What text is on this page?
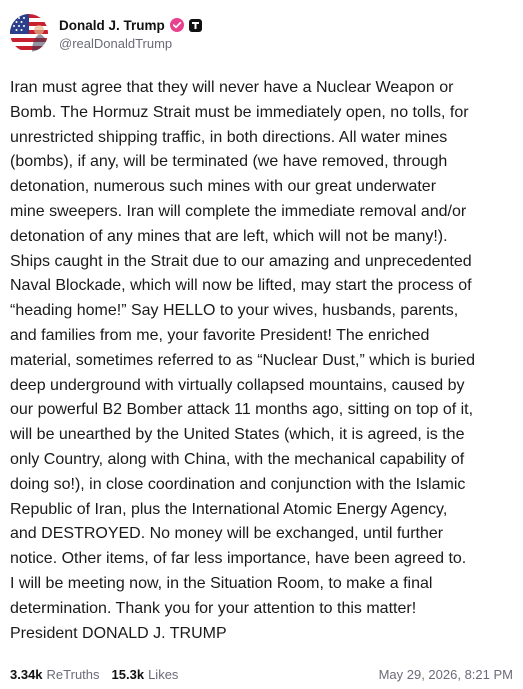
Donald J. Trump
@realDonaldTrump

Iran must agree that they will never have a Nuclear Weapon or
Bomb. The Hormuz Strait must be immediately open, no tolls, for
unrestricted shipping traffic, in both directions. All water mines
(bombs), if any, will be terminated (we have removed, through
detonation, numerous such mines with our great underwater
mine sweepers. Iran will complete the immediate removal and/or
detonation of any mines that are left, which will not be many!).
Ships caught in the Strait due to our amazing and unprecedented
Naval Blockade, which will now be lifted, may start the process of
“heading home!” Say HELLO to your wives, husbands, parents,
and families from me, your favorite President! The enriched
material, sometimes referred to as “Nuclear Dust,” which is buried
deep underground with virtually collapsed mountains, caused by
our powerful B2 Bomber attack 11 months ago, sitting on top of it,
will be unearthed by the United States (which, it is agreed, is the
only Country, along with China, with the mechanical capability of
doing so!), in close coordination and conjunction with the Islamic
Republic of Iran, plus the International Atomic Energy Agency,
and DESTROYED. No money will be exchanged, until further
notice. Other items, of far less importance, have been agreed to.
I will be meeting now, in the Situation Room, to make a final
determination. Thank you for your attention to this matter!
President DONALD J. TRUMP

3.34k ReTruths 15.3k Likes	May 29, 2026, 8:21 PM
